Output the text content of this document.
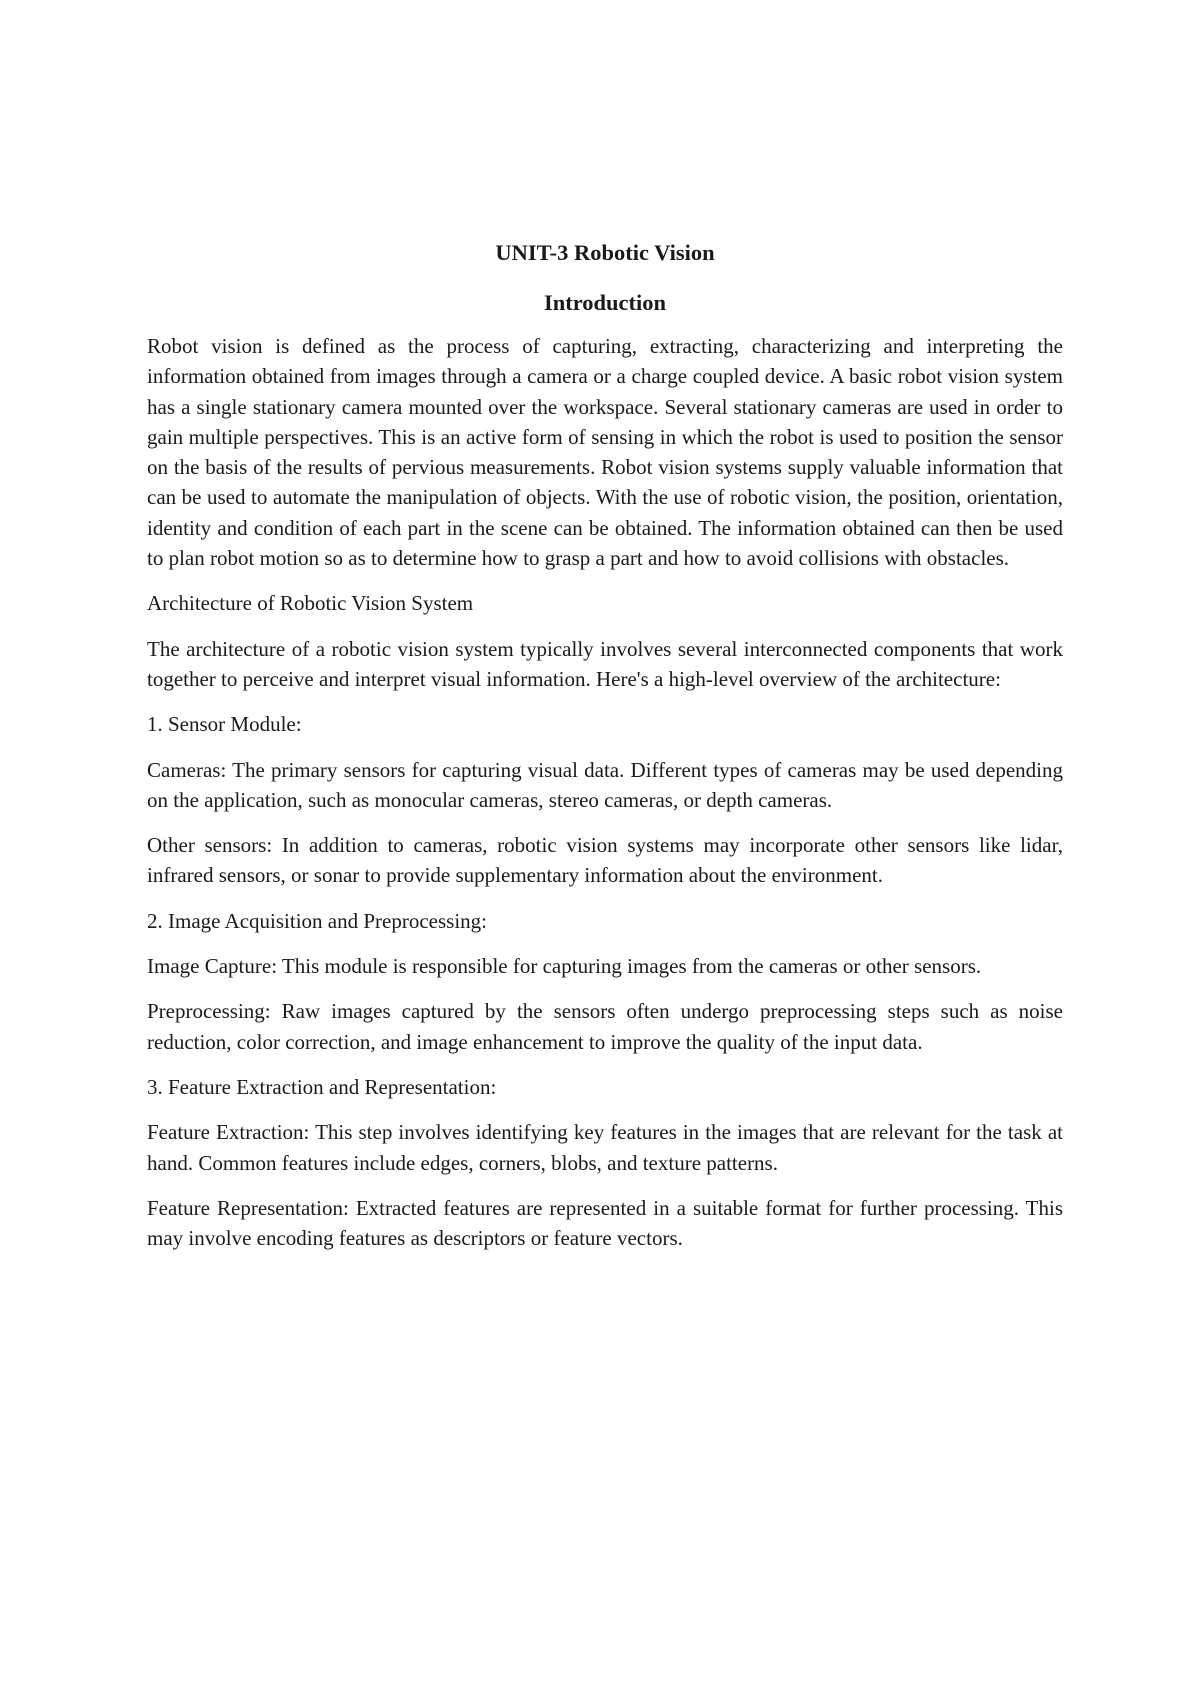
UNIT-3 Robotic Vision
Introduction

Robot vision is defined as the process of capturing, extracting, characterizing and interpreting the information obtained from images through a camera or a charge coupled device. A basic robot vision system has a single stationary camera mounted over the workspace. Several stationary cameras are used in order to gain multiple perspectives. This is an active form of sensing in which the robot is used to position the sensor on the basis of the results of pervious measurements. Robot vision systems supply valuable information that can be used to automate the manipulation of objects. With the use of robotic vision, the position, orientation, identity and condition of each part in the scene can be obtained. The information obtained can then be used to plan robot motion so as to determine how to grasp a part and how to avoid collisions with obstacles.

Architecture of Robotic Vision System

The architecture of a robotic vision system typically involves several interconnected components that work together to perceive and interpret visual information. Here's a high-level overview of the architecture:

1. Sensor Module:

Cameras: The primary sensors for capturing visual data. Different types of cameras may be used depending on the application, such as monocular cameras, stereo cameras, or depth cameras.

Other sensors: In addition to cameras, robotic vision systems may incorporate other sensors like lidar, infrared sensors, or sonar to provide supplementary information about the environment.

2. Image Acquisition and Preprocessing:

Image Capture: This module is responsible for capturing images from the cameras or other sensors.

Preprocessing: Raw images captured by the sensors often undergo preprocessing steps such as noise reduction, color correction, and image enhancement to improve the quality of the input data.

3. Feature Extraction and Representation:

Feature Extraction: This step involves identifying key features in the images that are relevant for the task at hand. Common features include edges, corners, blobs, and texture patterns.

Feature Representation: Extracted features are represented in a suitable format for further processing. This may involve encoding features as descriptors or feature vectors.
